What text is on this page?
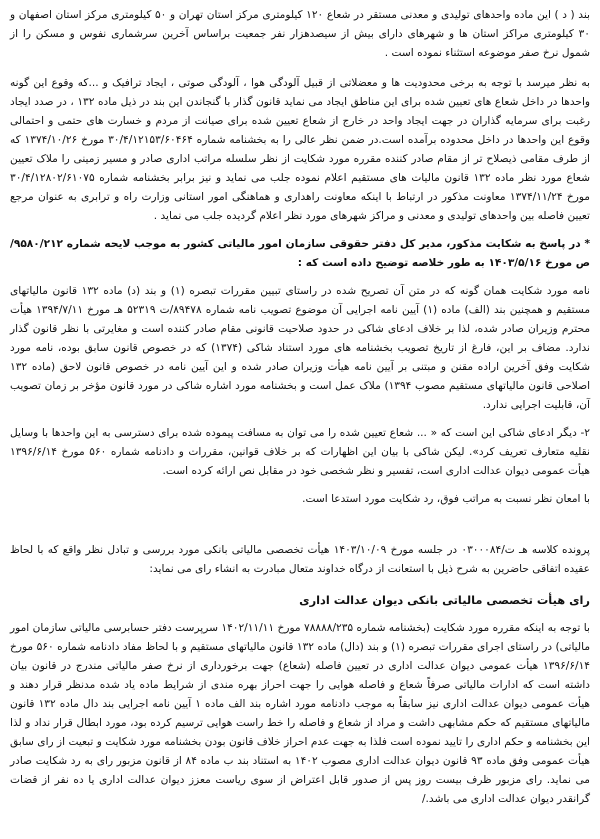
بند ( د ) این ماده واحدهای تولیدی و معدنی مستقر در شعاع ۱۲۰ کیلومتری مرکز استان تهران و ۵۰ کیلومتری مرکز استان اصفهان و ۳۰ کیلومتری مراکز استان ها و شهرهای دارای بیش از سیصدهزار نفر جمعیت براساس آخرین سرشماری نفوس و مسکن را از شمول نرخ صفر موضوعه استثناء نموده است .

به نظر میرسد با توجه به برخی محدودیت ها و معضلاتی از قبیل آلودگی هوا ، آلودگی صوتی ، ایجاد ترافیک و ...که وقوع این گونه واحدها در داخل شعاع های تعیین شده برای این مناطق ایجاد می نماید قانون گذار با گنجاندن این بند در ذیل ماده ۱۳۲ ، در صدد ایجاد رغبت برای سرمایه گذاران در جهت ایجاد واحد در خارج از شعاع تعیین شده برای صیانت از مردم و خسارت های حتمی و احتمالی وقوع این واحدها در داخل محدوده برآمده است.در ضمن نظر عالی را به بخشنامه شماره ۳۰/۴/۱۲۱۵۳/۶۰۴۶۴ مورخ ۱۳۷۴/۱۰/۲۶ که از طرف مقامی ذیصلاح تر از مقام صادر کننده مقرره مورد شکایت از نظر سلسله مراتب اداری صادر و مسیر زمینی را ملاک تعیین شعاع مورد نظر ماده ۱۳۲ قانون مالیات های مستقیم اعلام نموده جلب می نماید و نیز برابر بخشنامه شماره ۳۰/۴/۱۲۸۰۲/۶۱۰۷۵ مورخ ۱۳۷۴/۱۱/۲۴ معاونت مذکور در ارتباط با اینکه معاونت راهداری و هماهنگی امور استانی وزارت راه و ترابری به عنوان مرجع تعیین فاصله بین واحدهای تولیدی و معدنی و مراکز شهرهای مورد نظر اعلام گردیده جلب می نماید .

* در پاسخ به شکایت مذکور، مدیر کل دفتر حقوقی سازمان امور مالیاتی کشور به موجب لایحه شماره ۹۵۸۰/۲۱۲/ص مورخ ۱۴۰۳/۵/۱۶ به طور خلاصه توضیح داده است که :

نامه مورد شکایت همان گونه که در متن آن تصریح شده در راستای تبیین مقررات تبصره (۱) و بند (د) ماده ۱۳۲ قانون مالیاتهای مستقیم و همچنین بند (الف) ماده (۱) آیین نامه اجرایی آن موضوع تصویب نامه شماره ۸۹۴۷۸/ت ۵۲۳۱۹ هـ مورخ ۱۳۹۴/۷/۱۱ هیأت محترم وزیران صادر شده، لذا بر خلاف ادعای شاکی در حدود صلاحیت قانونی مقام صادر کننده است و مغایرتی با نظر قانون گذار ندارد. مضاف بر این، فارغ از تاریخ تصویب بخشنامه های مورد استناد شاکی (۱۳۷۴) که در خصوص قانون سابق بوده، نامه مورد شکایت وفق آخرین اراده مقنن و مبتنی بر آیین نامه هیأت وزیران صادر شده و این آیین نامه در خصوص قانون لاحق (ماده ۱۳۲ اصلاحی قانون مالیاتهای مستقیم مصوب ۱۳۹۴) ملاک عمل است و بخشنامه مورد اشاره شاکی در مورد قانون مؤخر بر زمان تصویب آن، قابلیت اجرایی ندارد.

۲- دیگر ادعای شاکی این است که « ... شعاع تعیین شده را می توان به مسافت پیموده شده برای دسترسی به این واحدها با وسایل نقلیه متعارف تعریف کرد». لیکن شاکی با بیان این اظهارات که بر خلاف قوانین، مقررات و دادنامه شماره ۵۶۰ مورخ ۱۳۹۶/۶/۱۴ هیأت عمومی دیوان عدالت اداری است، تفسیر و نظر شخصی خود در مقابل نص ارائه کرده است.

با امعان نظر نسبت به مراتب فوق، رد شکایت مورد استدعا است.

پرونده کلاسه هـ ت/۰۳۰۰۰۸۴ در جلسه مورخ ۱۴۰۳/۱۰/۰۹ هیأت تخصصی مالیاتی بانکی مورد بررسی و تبادل نظر واقع که با لحاظ عقیده اتفاقی حاضرین به شرح ذیل با استعانت از درگاه خداوند متعال مبادرت به انشاء رای می نماید:

رای هیأت تخصصی مالیاتی بانکی دیوان عدالت اداری

با توجه به اینکه مقرره مورد شکایت (بخشنامه شماره ۷۸۸۸۸/۲۳۵ مورخ ۱۴۰۲/۱۱/۱۱ سرپرست دفتر حسابرسی مالیاتی سازمان امور مالیاتی) در راستای اجرای مقررات تبصره (۱) و بند (دال) ماده ۱۳۲ قانون مالیاتهای مستقیم و با لحاظ مفاد دادنامه شماره ۵۶۰ مورخ ۱۳۹۶/۶/۱۴ هیأت عمومی دیوان عدالت اداری در تعیین فاصله (شعاع) جهت برخورداری از نرخ صفر مالیاتی مندرج در قانون بیان داشته است که ادارات مالیاتی صرفاً شعاع و فاصله هوایی را جهت احراز بهره مندی از شرایط ماده یاد شده مدنظر قرار دهند و هیأت عمومی دیوان عدالت اداری نیز سابقاً به موجب دادنامه مورد اشاره بند الف ماده ۱ آیین نامه اجرایی بند دال ماده ۱۳۲ قانون مالیاتهای مستقیم که حکم مشابهی داشت و مراد از شعاع و فاصله را خط راست هوایی ترسیم کرده بود، مورد ابطال قرار نداد و لذا این بخشنامه و حکم اداری را تایید نموده است فلذا به جهت عدم احراز خلاف قانون بودن بخشنامه مورد شکایت و تبعیت از رای سابق هیأت عمومی وفق ماده ۹۳ قانون دیوان عدالت اداری مصوب ۱۴۰۲ به استناد بند ب ماده ۸۴ از قانون مزبور رای به رد شکایت صادر می نماید. رای مزبور ظرف بیست روز پس از صدور قابل اعتراض از سوی ریاست معزز دیوان عدالت اداری یا ده نفر از قضات گرانقدر دیوان عدالت اداری می باشد./
